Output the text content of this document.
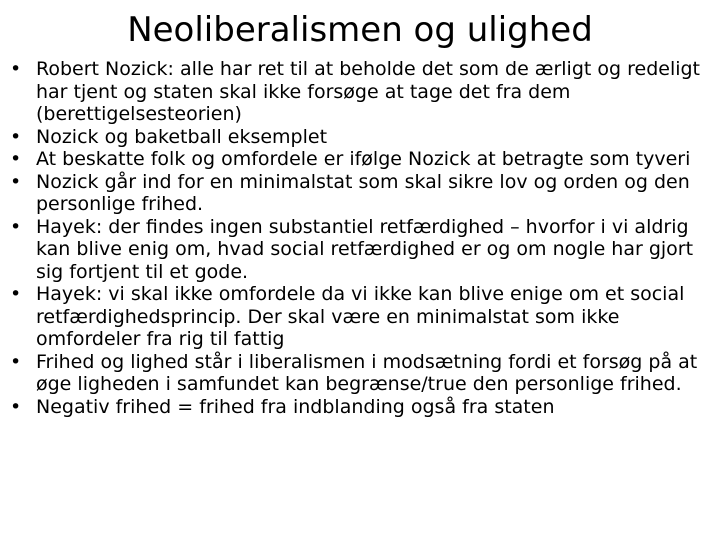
Neoliberalismen og ulighed
• Robert Nozick: alle har ret til at beholde det som de ærligt og redeligt har tjent og staten skal ikke forsøge at tage det fra dem (berettigelsesteorien)
• Nozick og baketball eksemplet
• At beskatte folk og omfordele er ifølge Nozick at betragte som tyveri
• Nozick går ind for en minimalstat som skal sikre lov og orden og den personlige frihed.
• Hayek: der findes ingen substantiel retfærdighed – hvorfor i vi aldrig kan blive enig om, hvad social retfærdighed er og om nogle har gjort sig fortjent til et gode.
• Hayek: vi skal ikke omfordele da vi ikke kan blive enige om et social retfærdighedsprincip. Der skal være en minimalstat som ikke omfordeler fra rig til fattig
• Frihed og lighed står i liberalismen i modsætning fordi et forsøg på at øge ligheden i samfundet kan begrænse/true den personlige frihed.
• Negativ frihed = frihed fra indblanding også fra staten
